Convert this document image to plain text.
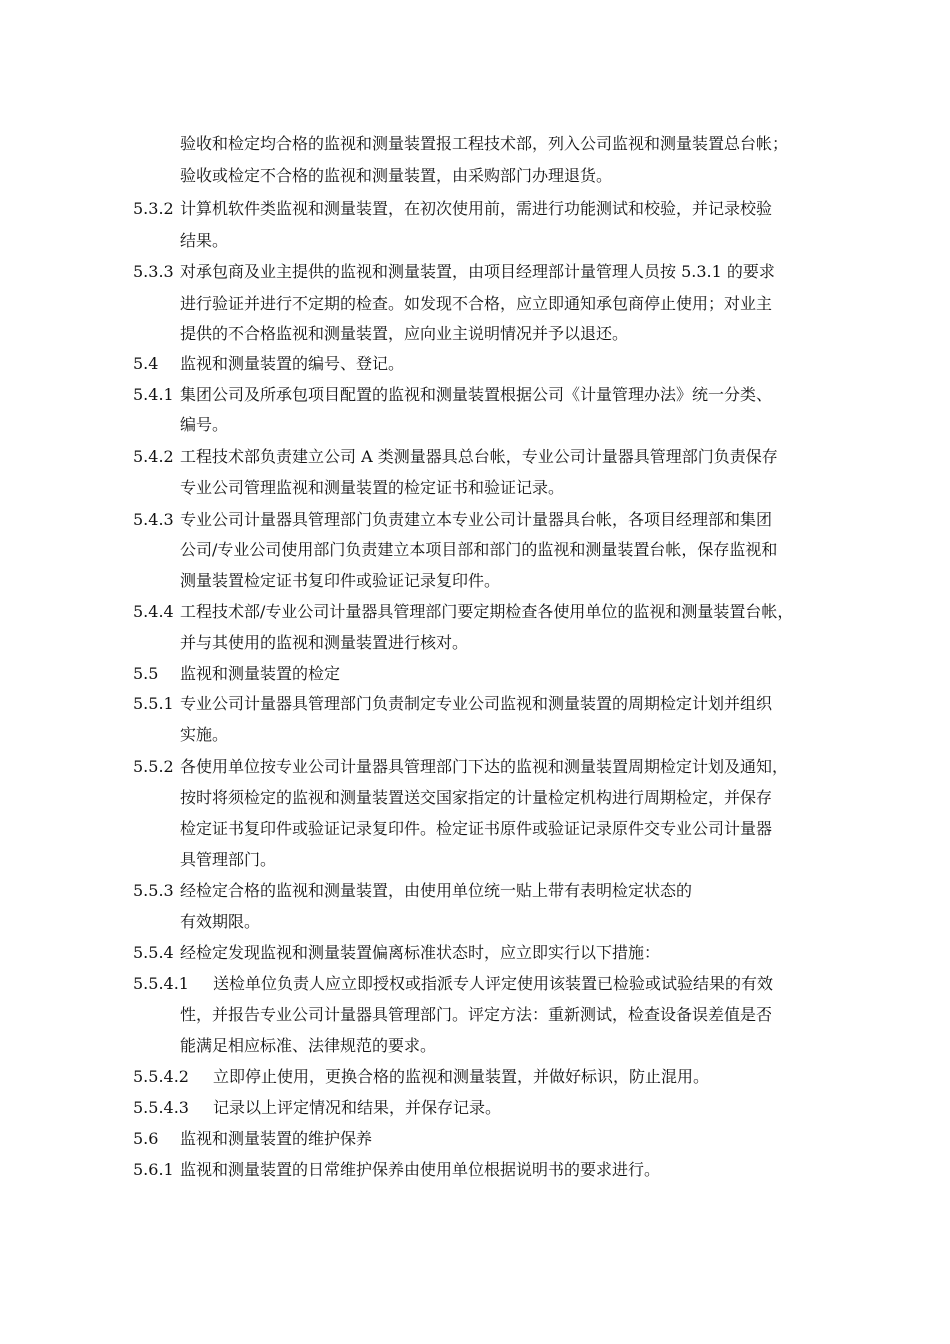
验收和检定均合格的监视和测量装置报工程技术部，列入公司监视和测量装置总台帐；

验收或检定不合格的监视和测量装置，由采购部门办理退货。

5.3.2

计算机软件类监视和测量装置，在初次使用前，需进行功能测试和校验，并记录校验

结果。

5.3.3

对承包商及业主提供的监视和测量装置，由项目经理部计量管理人员按 5.3.1 的要求

进行验证并进行不定期的检查。如发现不合格，应立即通知承包商停止使用；对业主

提供的不合格监视和测量装置，应向业主说明情况并予以退还。

5.4

监视和测量装置的编号、登记。

5.4.1

集团公司及所承包项目配置的监视和测量装置根据公司《计量管理办法》统一分类、

编号。

5.4.2

工程技术部负责建立公司 A 类测量器具总台帐，专业公司计量器具管理部门负责保存

专业公司管理监视和测量装置的检定证书和验证记录。

5.4.3

专业公司计量器具管理部门负责建立本专业公司计量器具台帐，各项目经理部和集团

公司/专业公司使用部门负责建立本项目部和部门的监视和测量装置台帐，保存监视和

测量装置检定证书复印件或验证记录复印件。

5.4.4

工程技术部/专业公司计量器具管理部门要定期检查各使用单位的监视和测量装置台帐，

并与其使用的监视和测量装置进行核对。

5.5

监视和测量装置的检定

5.5.1

专业公司计量器具管理部门负责制定专业公司监视和测量装置的周期检定计划并组织

实施。

5.5.2

各使用单位按专业公司计量器具管理部门下达的监视和测量装置周期检定计划及通知，

按时将须检定的监视和测量装置送交国家指定的计量检定机构进行周期检定，并保存

检定证书复印件或验证记录复印件。检定证书原件或验证记录原件交专业公司计量器

具管理部门。

5.5.3

经检定合格的监视和测量装置，由使用单位统一贴上带有表明检定状态的

有效期限。

5.5.4

经检定发现监视和测量装置偏离标准状态时，应立即实行以下措施：

5.5.4.1

送检单位负责人应立即授权或指派专人评定使用该装置已检验或试验结果的有效

性，并报告专业公司计量器具管理部门。评定方法：重新测试，检查设备误差值是否

能满足相应标准、法律规范的要求。

5.5.4.2

立即停止使用，更换合格的监视和测量装置，并做好标识，防止混用。

5.5.4.3

记录以上评定情况和结果，并保存记录。

5.6

监视和测量装置的维护保养

5.6.1

监视和测量装置的日常维护保养由使用单位根据说明书的要求进行。
